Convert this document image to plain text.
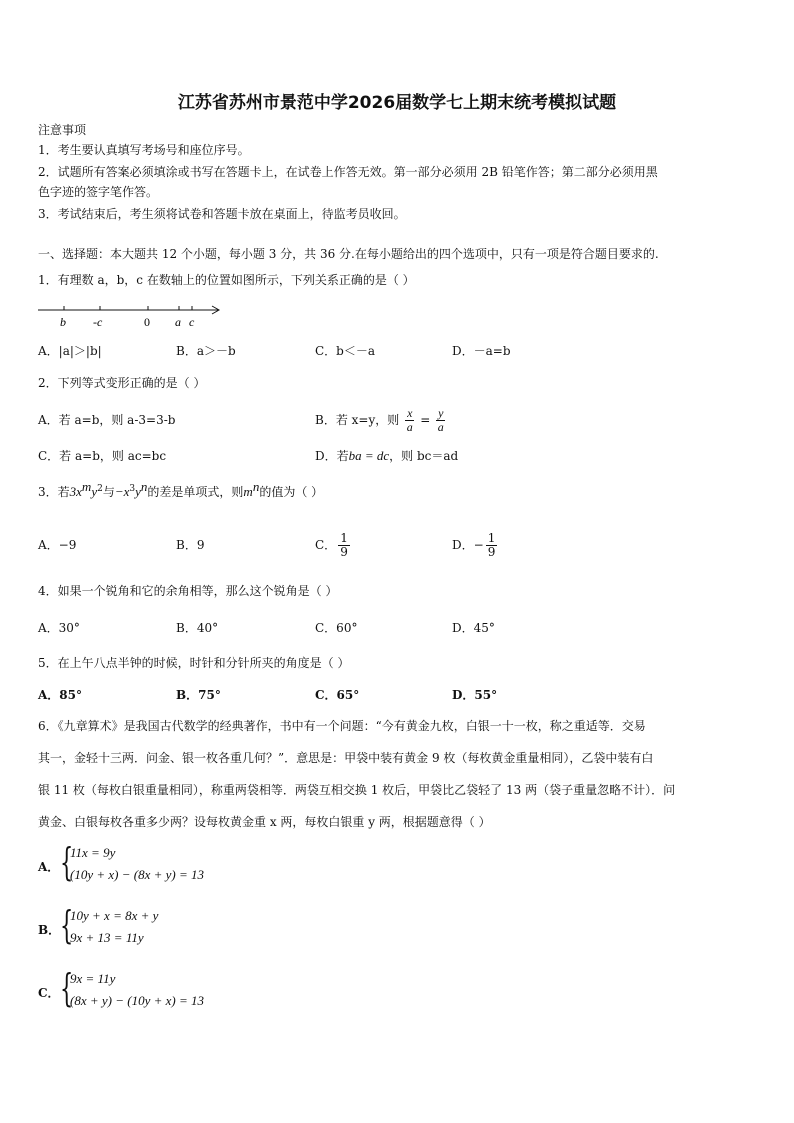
江苏省苏州市景范中学2026届数学七上期末统考模拟试题
注意事项
1．考生要认真填写考场号和座位序号。
2．试题所有答案必须填涂或书写在答题卡上，在试卷上作答无效。第一部分必须用 2B 铅笔作答；第二部分必须用黑
色字迹的签字笔作答。
3．考试结束后，考生须将试卷和答题卡放在桌面上，待监考员收回。
一、选择题：本大题共 12 个小题，每小题 3 分，共 36 分.在每小题给出的四个选项中，只有一项是符合题目要求的.
1．有理数 a，b，c 在数轴上的位置如图所示，下列关系正确的是（ ）
b -c	0 a c
A．|a|＞|b|	B．a＞－b	C．b＜－a	D．－a=b
2．下列等式变形正确的是（ ）
A．若 a=b，则 a-3=3-b	B．若 x=y，则 $\frac{x}{a} = \frac{y}{a}$
C．若 a=b，则 ac=bc	D．若ba = dc，则 bc＝ad
3．若$3x^my^2$与$-x^3y^n$的差是单项式，则$m^n$的值为（ ）
A．−9	B．9	C． $\frac{1}{9}$	D．− $\frac{1}{9}$
4．如果一个锐角和它的余角相等，那么这个锐角是（ ）
A．30°	B．40°	C．60°	D．45°
5．在上午八点半钟的时候，时针和分针所夹的角度是（ ）
A．85°	B．75°	C．65°	D．55°
6．《九章算术》是我国古代数学的经典著作，书中有一个问题：“今有黄金九枚，白银一十一枚，称之重适等．交易
其一，金轻十三两．问金、银一枚各重几何？”．意思是：甲袋中装有黄金 9 枚（每枚黄金重量相同），乙袋中装有白
银 11 枚（每枚白银重量相同），称重两袋相等．两袋互相交换 1 枚后，甲袋比乙袋轻了 13 两（袋子重量忽略不计）．问
黄金、白银每枚各重多少两？设每枚黄金重 x 两，每枚白银重 y 两，根据题意得（ ）
A． {
11x = 9y
(10y + x) − (8x + y) = 13
B． {
10y + x = 8x + y
9x + 13 = 11y
C． {
9x = 11y
(8x + y) − (10y + x) = 13
